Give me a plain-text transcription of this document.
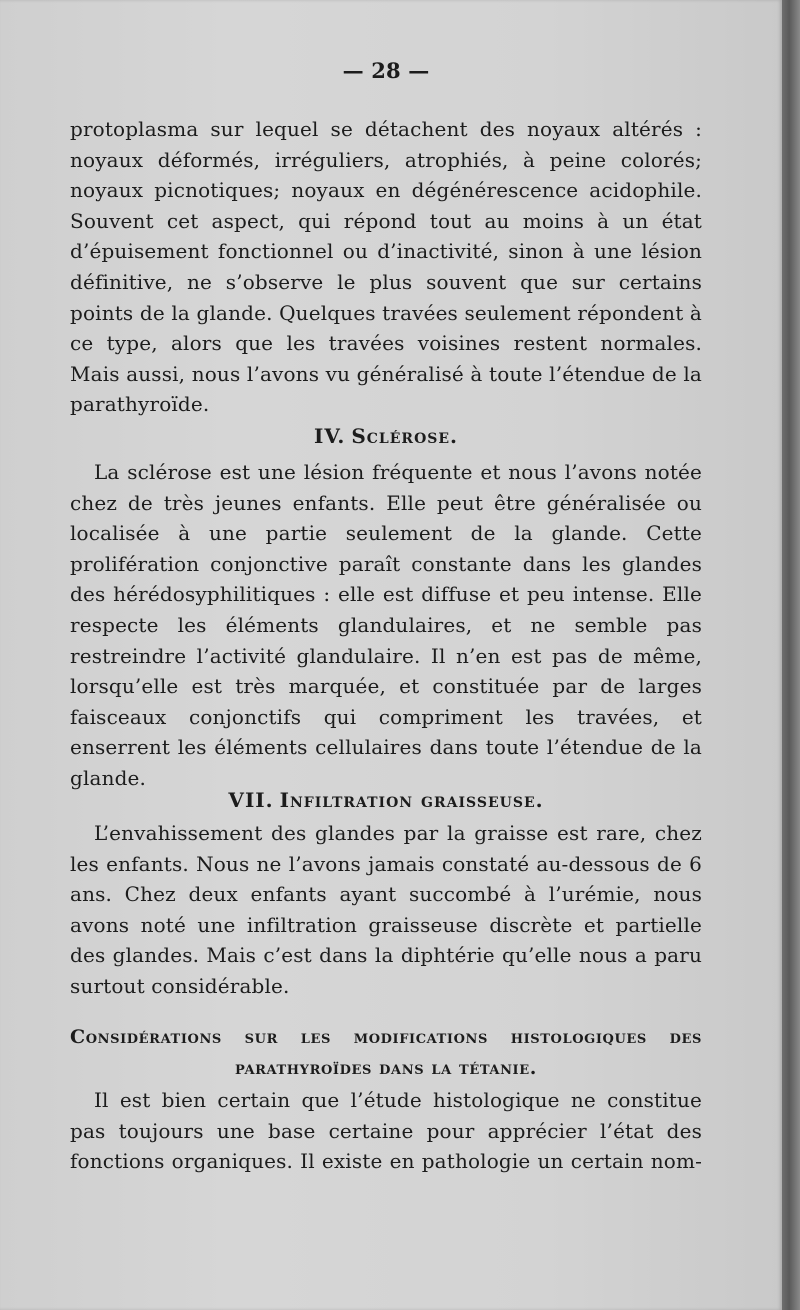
— 28 —

protoplasma sur lequel se détachent des noyaux altérés : noyaux déformés, irréguliers, atrophiés, à peine colorés; noyaux picnotiques; noyaux en dégénérescence acidophile. Souvent cet aspect, qui répond tout au moins à un état d’épuisement fonctionnel ou d’inactivité, sinon à une lésion définitive, ne s’observe le plus souvent que sur certains points de la glande. Quelques travées seulement répondent à ce type, alors que les travées voisines restent normales. Mais aussi, nous l’avons vu généralisé à toute l’étendue de la parathyroïde.

IV. Sclérose.

La sclérose est une lésion fréquente et nous l’avons notée chez de très jeunes enfants. Elle peut être généralisée ou localisée à une partie seulement de la glande. Cette prolifération conjonctive paraît constante dans les glandes des hérédosyphilitiques : elle est diffuse et peu intense. Elle respecte les éléments glandulaires, et ne semble pas restreindre l’activité glandulaire. Il n’en est pas de même, lorsqu’elle est très marquée, et constituée par de larges faisceaux conjonctifs qui compriment les travées, et enserrent les éléments cellulaires dans toute l’étendue de la glande.

VII. Infiltration graisseuse.

L’envahissement des glandes par la graisse est rare, chez les enfants. Nous ne l’avons jamais constaté au-dessous de 6 ans. Chez deux enfants ayant succombé à l’urémie, nous avons noté une infiltration graisseuse discrète et partielle des glandes. Mais c’est dans la diphtérie qu’elle nous a paru surtout considérable.

Considérations sur les modifications histologiques des parathyroïdes dans la tétanie.

Il est bien certain que l’étude histologique ne constitue pas toujours une base certaine pour apprécier l’état des fonctions organiques. Il existe en pathologie un certain nom-
